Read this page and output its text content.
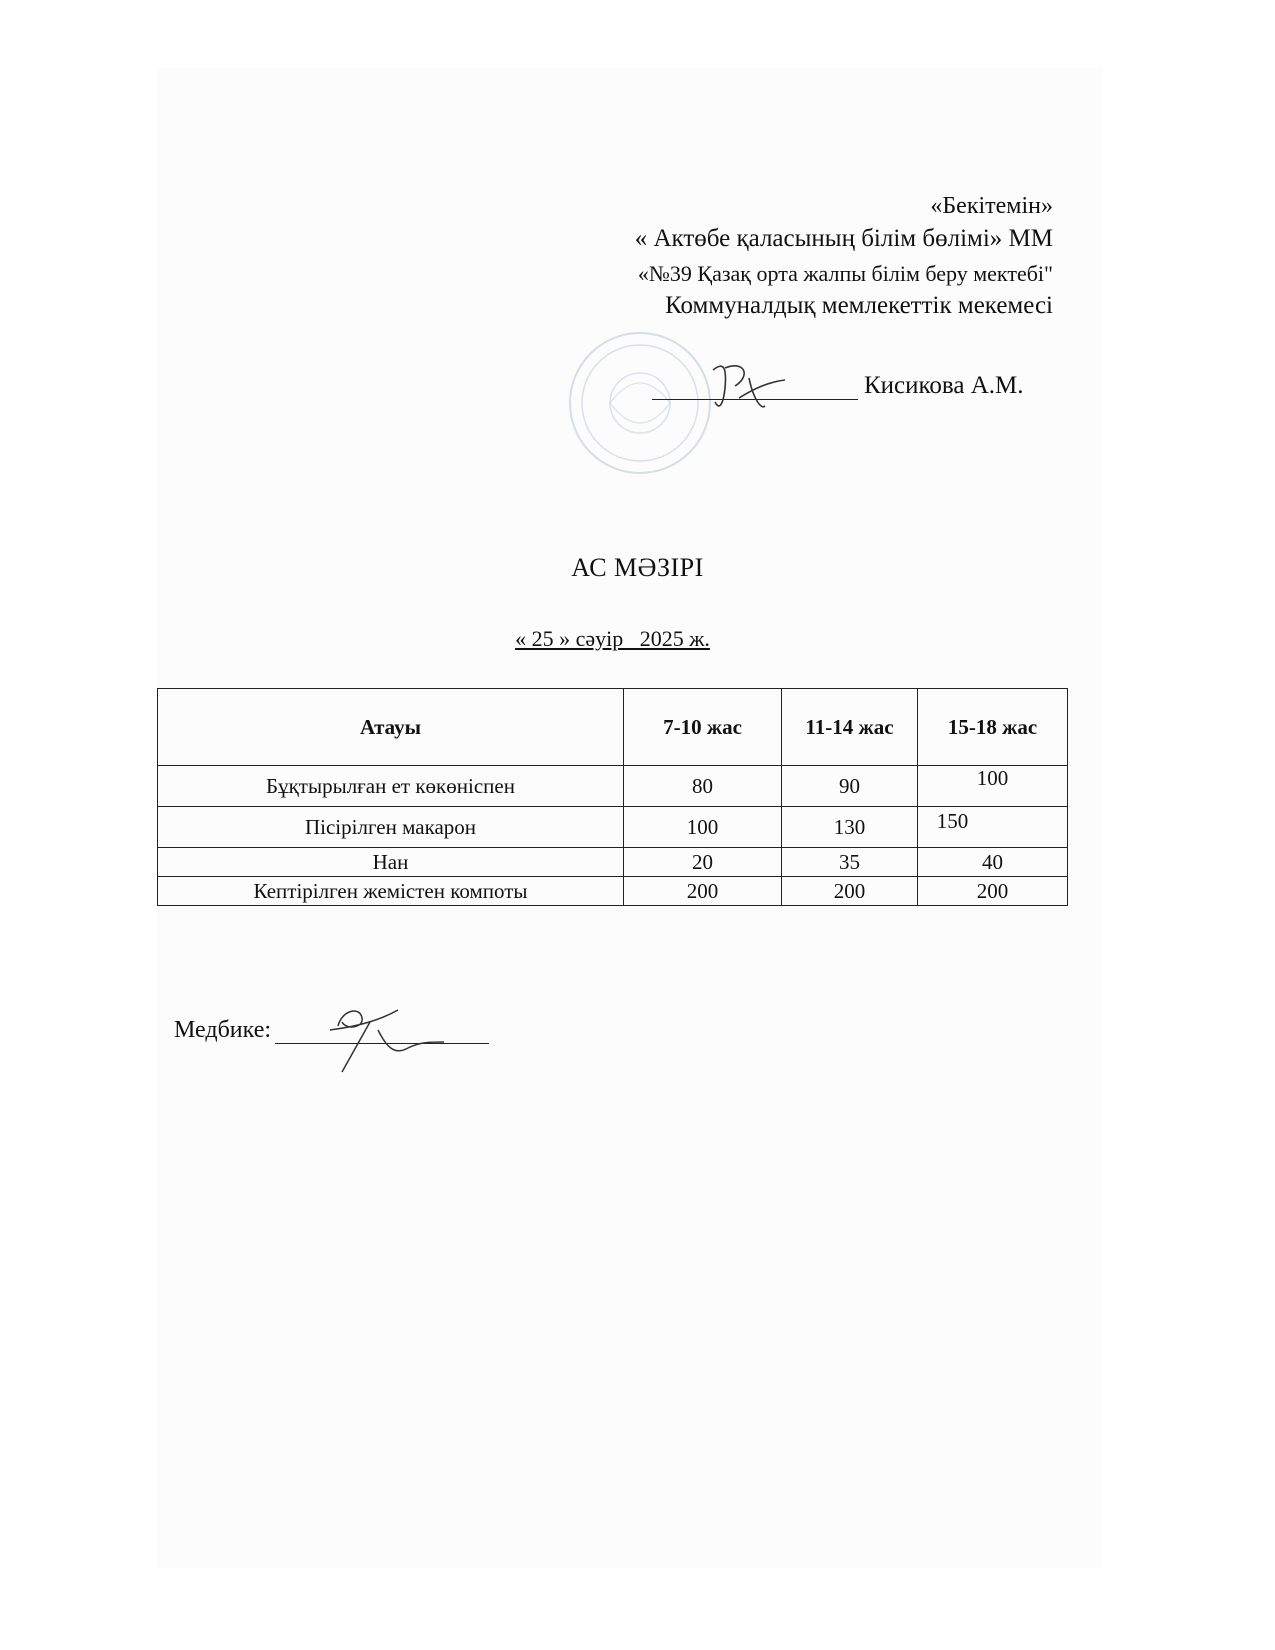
«Бекітемін»
« Актөбе қаласының білім бөлімі» ММ
«№39 Қазақ орта жалпы білім беру мектебі"
Коммуналдық мемлекеттік мекемесі
Кисикова А.М.
АС МӘЗІРІ
« 25 » сәуір   2025 ж.
Атауы	7-10 жас	11-14 жас	15-18 жас
Бұқтырылған ет көкөніспен	80	90	100
Пісірілген макарон	100	130	150
Нан	20	35	40
Кептірілген жемістен компоты	200	200	200
Медбике:
